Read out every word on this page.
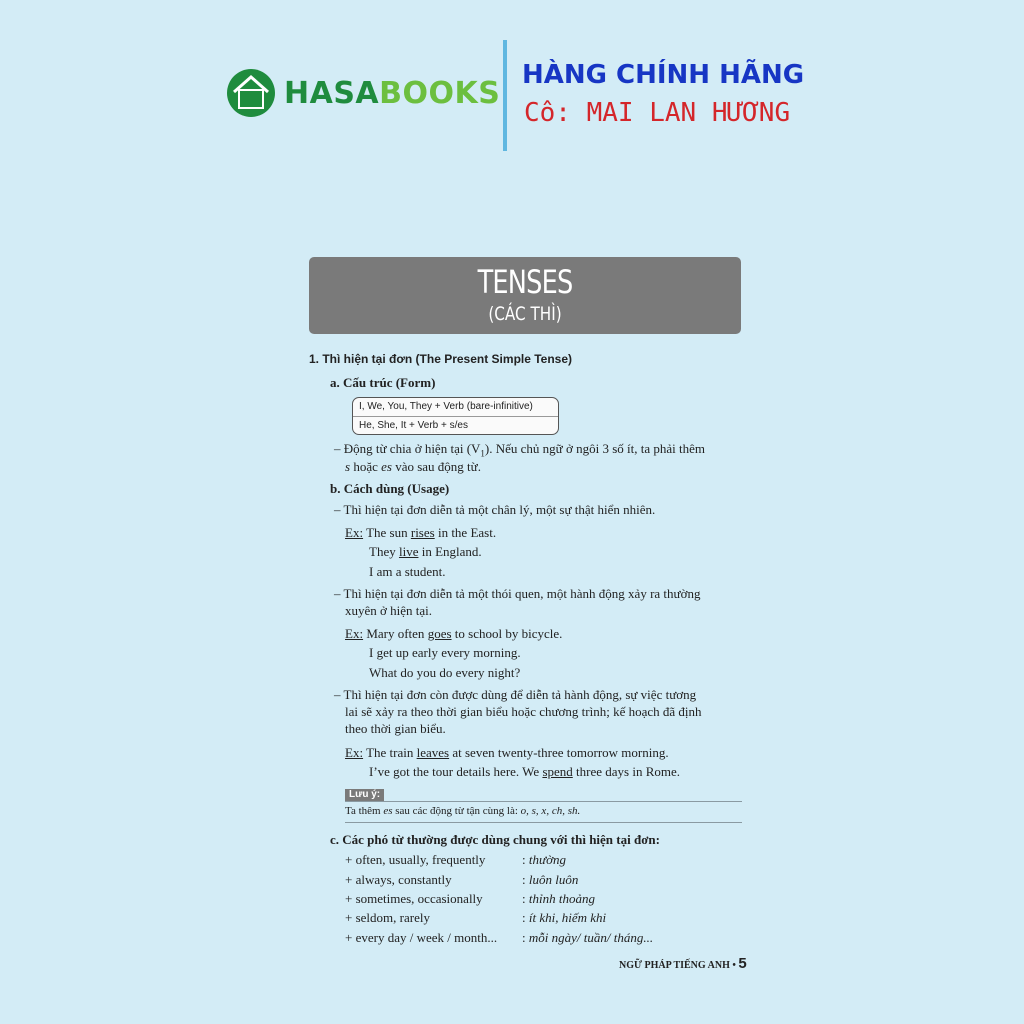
HASABOOKS
HÀNG CHÍNH HÃNG
Cô: MAI LAN HƯƠNG
TENSES
(CÁC THÌ)
1. Thì hiện tại đơn (The Present Simple Tense)
a. Cấu trúc (Form)
I, We, You, They + Verb (bare-infinitive)
He, She, It + Verb + s/es
– Động từ chia ở hiện tại $(V_1)$. Nếu chủ ngữ ở ngôi 3 số ít, ta phải thêm
s hoặc es vào sau động từ.
b. Cách dùng (Usage)
– Thì hiện tại đơn diễn tả một chân lý, một sự thật hiển nhiên.
Ex: The sun rises in the East.
They live in England.
I am a student.
– Thì hiện tại đơn diễn tả một thói quen, một hành động xảy ra thường
xuyên ở hiện tại.
Ex: Mary often goes to school by bicycle.
I get up early every morning.
What do you do every night?
– Thì hiện tại đơn còn được dùng để diễn tả hành động, sự việc tương
lai sẽ xảy ra theo thời gian biểu hoặc chương trình; kế hoạch đã định
theo thời gian biểu.
Ex: The train leaves at seven twenty-three tomorrow morning.
I’ve got the tour details here. We spend three days in Rome.
Lưu ý:
Ta thêm es sau các động từ tận cùng là: o, s, x, ch, sh.
c. Các phó từ thường được dùng chung với thì hiện tại đơn:
+ often, usually, frequently	: thường
+ always, constantly	: luôn luôn
+ sometimes, occasionally	: thỉnh thoảng
+ seldom, rarely	: ít khi, hiếm khi
+ every day / week / month... : mỗi ngày/ tuần/ tháng...
NGỮ PHÁP TIẾNG ANH • 5
